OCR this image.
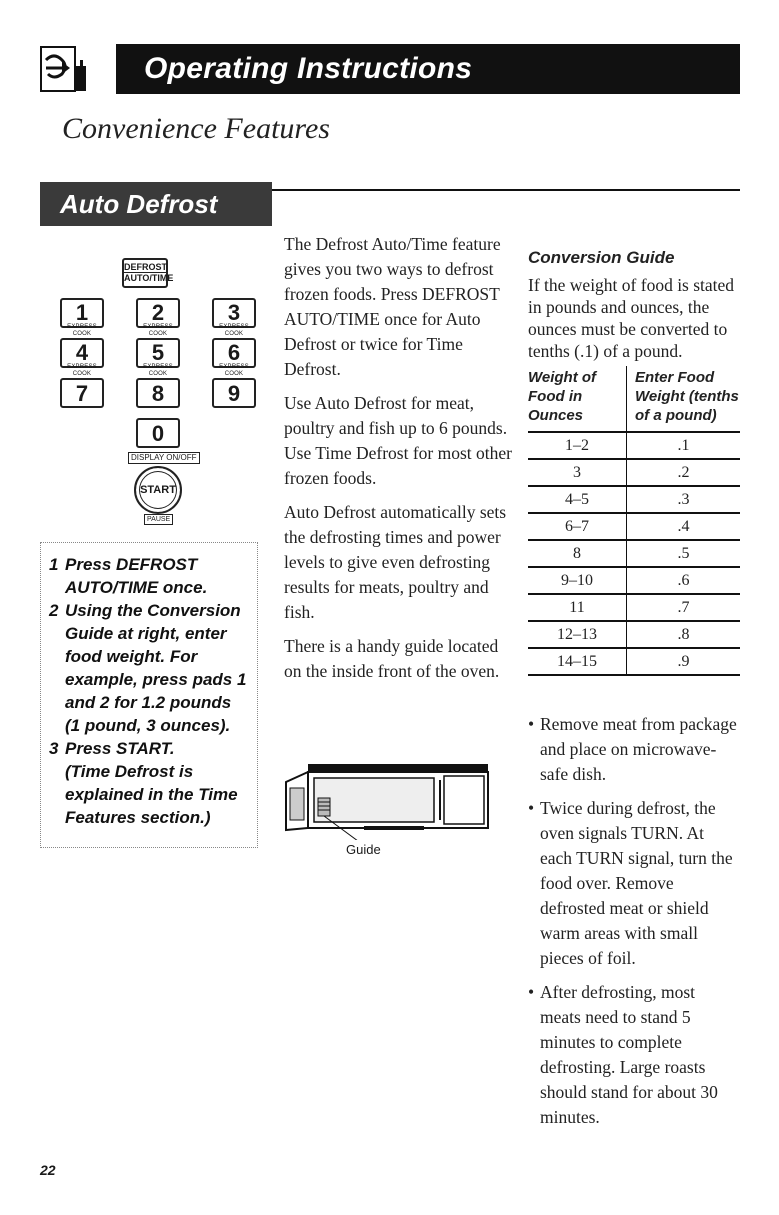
Operating Instructions
Convenience Features
Auto Defrost
DEFROST
AUTO/TIME
1
EXPRESS COOK
2
EXPRESS COOK
3
EXPRESS COOK
4
EXPRESS COOK
5
EXPRESS COOK
6
EXPRESS COOK
7	8	9
0
DISPLAY ON/OFF
START
PAUSE
1 Press DEFROST AUTO/TIME once.
2 Using the Conversion Guide at right, enter food weight. For example, press pads 1 and 2 for 1.2 pounds (1 pound, 3 ounces).
3 Press START.
(Time Defrost is explained in the Time Features section.)

The Defrost Auto/Time feature gives you two ways to defrost frozen foods. Press DEFROST AUTO/TIME once for Auto Defrost or twice for Time Defrost.

Use Auto Defrost for meat, poultry and fish up to 6 pounds. Use Time Defrost for most other frozen foods.

Auto Defrost automatically sets the defrosting times and power levels to give even defrosting results for meats, poultry and fish.

There is a handy guide located on the inside front of the oven.

Guide
Conversion Guide
If the weight of food is stated in pounds and ounces, the ounces must be converted to tenths (.1) of a pound.
Weight of Food in Ounces	Enter Food Weight (tenths of a pound)
1–2	.1
3	.2
4–5	.3
6–7	.4
8	.5
9–10	.6
11	.7
12–13	.8
14–15	.9
• Remove meat from package and place on microwave-safe dish.
• Twice during defrost, the oven signals TURN. At each TURN signal, turn the food over. Remove defrosted meat or shield warm areas with small pieces of foil.
• After defrosting, most meats need to stand 5 minutes to complete defrosting. Large roasts should stand for about 30 minutes.
22
